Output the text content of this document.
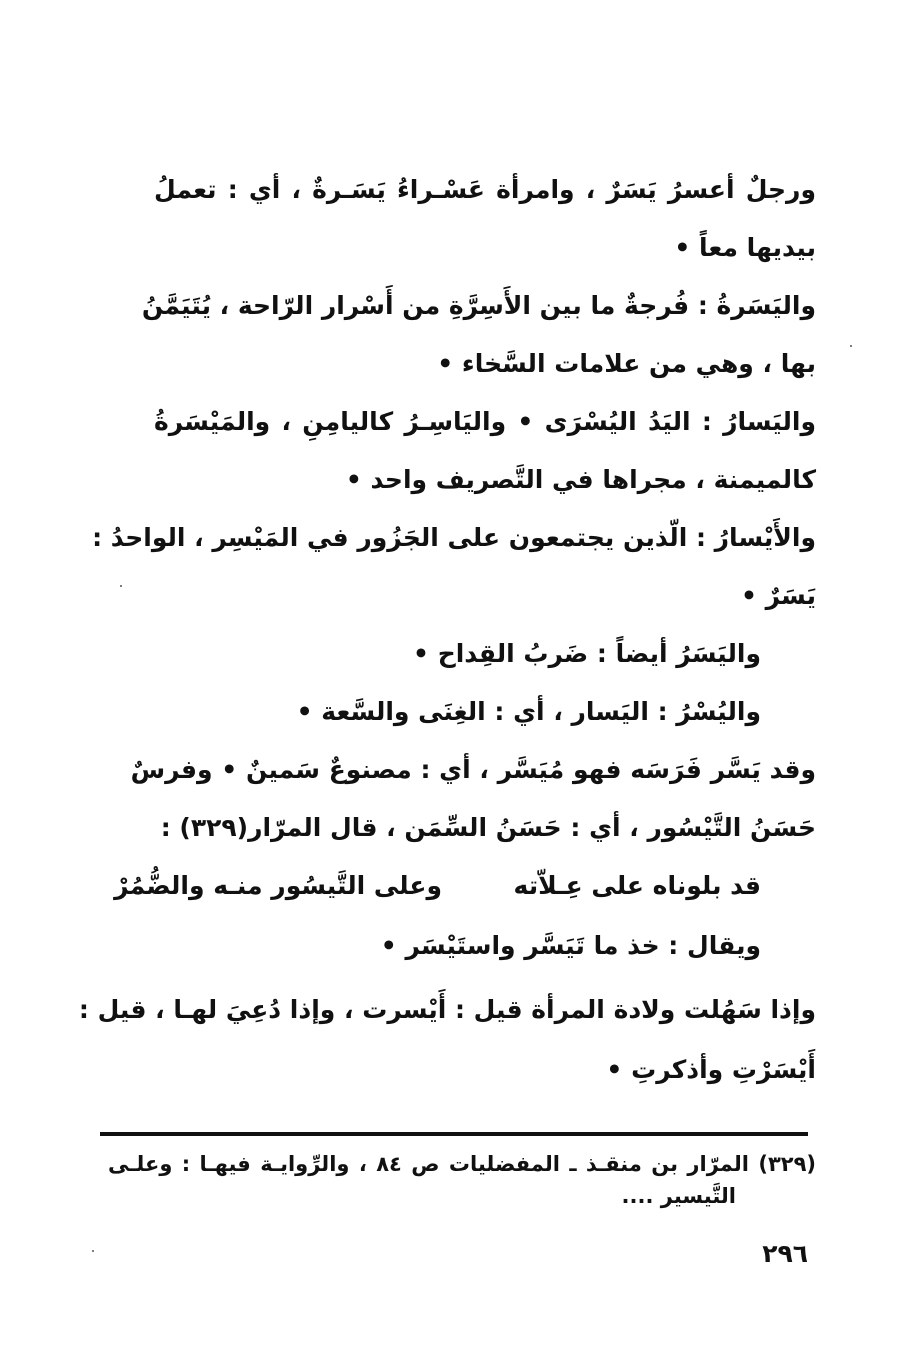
ورجلٌ أعسرُ يَسَرٌ ، وامرأة عَسْـراءُ يَسَـرةٌ ، أي : تعملُ
بيديها معاً •
واليَسَرةُ : فُرجةٌ ما بين الأَسِرَّةِ من أَسْرار الرّاحة ، يُتَيَمَّنُ
بها ، وهي من علامات السَّخاء •
واليَسارُ : اليَدُ اليُسْرَى • واليَاسِـرُ كاليامِنِ ، والمَيْسَرةُ
كالميمنة ، مجراها في التَّصريف واحد •
والأَيْسارُ : الّذين يجتمعون على الجَزُور في المَيْسِر ، الواحدُ :
يَسَرٌ •
واليَسَرُ أيضاً : ضَربُ القِداح •
واليُسْرُ : اليَسار ، أي : الغِنَى والسَّعة •
وقد يَسَّر فَرَسَه فهو مُيَسَّر ، أي : مصنوعٌ سَمينٌ • وفرسٌ
حَسَنُ التَّيْسُور ، أي : حَسَنُ السِّمَن ، قال المرّار(٣٢٩) :
قد بلوناه على عِـلاّته
وعلى التَّيسُور منـه والضُّمُرْ
ويقال : خذ ما تَيَسَّر واستَيْسَر •
وإذا سَهُلت ولادة المرأة قيل : أَيْسرت ، وإذا دُعِيَ لهـا ، قيل :
أَيْسَرْتِ وأذكرتِ •
(٣٢٩) المرّار بن منقـذ ـ المفضليات ص ٨٤ ، والرِّوايـة فيهـا : وعلـى
التَّيسير ....
٢٩٦
